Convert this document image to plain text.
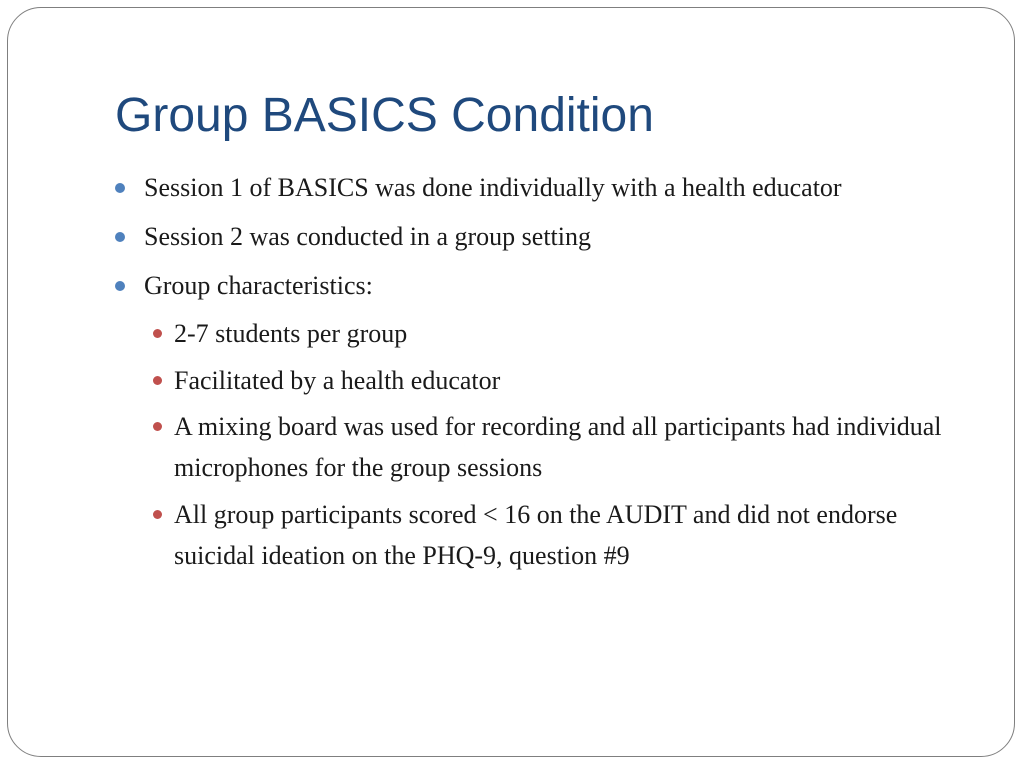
Group BASICS Condition
Session 1 of BASICS was done individually with a health educator
Session 2 was conducted in a group setting
Group characteristics:
2-7 students per group
Facilitated by a health educator
A mixing board was used for recording and all participants had individual microphones for the group sessions
All group participants scored < 16 on the AUDIT and did not endorse suicidal ideation on the PHQ-9, question #9
